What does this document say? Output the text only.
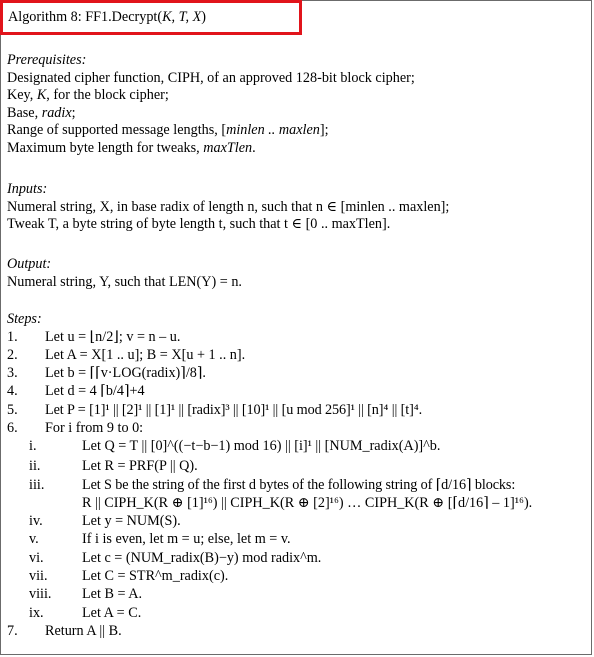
Algorithm 8: FF1.Decrypt(K, T, X)
Prerequisites:
Designated cipher function, CIPH, of an approved 128-bit block cipher;
Key, K, for the block cipher;
Base, radix;
Range of supported message lengths, [minlen .. maxlen];
Maximum byte length for tweaks, maxTlen.
Inputs:
Numeral string, X, in base radix of length n, such that n ∈ [minlen .. maxlen];
Tweak T, a byte string of byte length t, such that t ∈ [0 .. maxTlen].
Output:
Numeral string, Y, such that LEN(Y) = n.
Steps:
1. Let u = ⌊n/2⌋; v = n – u.
2. Let A = X[1 .. u]; B = X[u + 1 .. n].
3. Let b = ⌈⌈v·LOG(radix)⌉/8⌉.
4. Let d = 4 ⌈b/4⌉+4
5. Let P = [1]¹ || [2]¹ || [1]¹ || [radix]³ || [10]¹ || [u mod 256]¹ || [n]⁴ || [t]⁴.
6. For i from 9 to 0:
i.	Let Q = T || [0]^((−t−b−1) mod 16) || [i]¹ || [NUM_radix(A)]^b.
ii.	Let R = PRF(P || Q).
iii.	Let S be the string of the first d bytes of the following string of ⌈d/16⌉ blocks:
R || CIPH_K(R ⊕ [1]¹⁶) || CIPH_K(R ⊕ [2]¹⁶) … CIPH_K(R ⊕ [⌈d/16⌉ – 1]¹⁶).
iv.	Let y = NUM(S).
v.	If i is even, let m = u; else, let m = v.
vi.	Let c = (NUM_radix(B)−y) mod radix^m.
vii. Let C = STR^m_radix(c).
viii. Let B = A.
ix.	Let A = C.
7. Return A || B.
